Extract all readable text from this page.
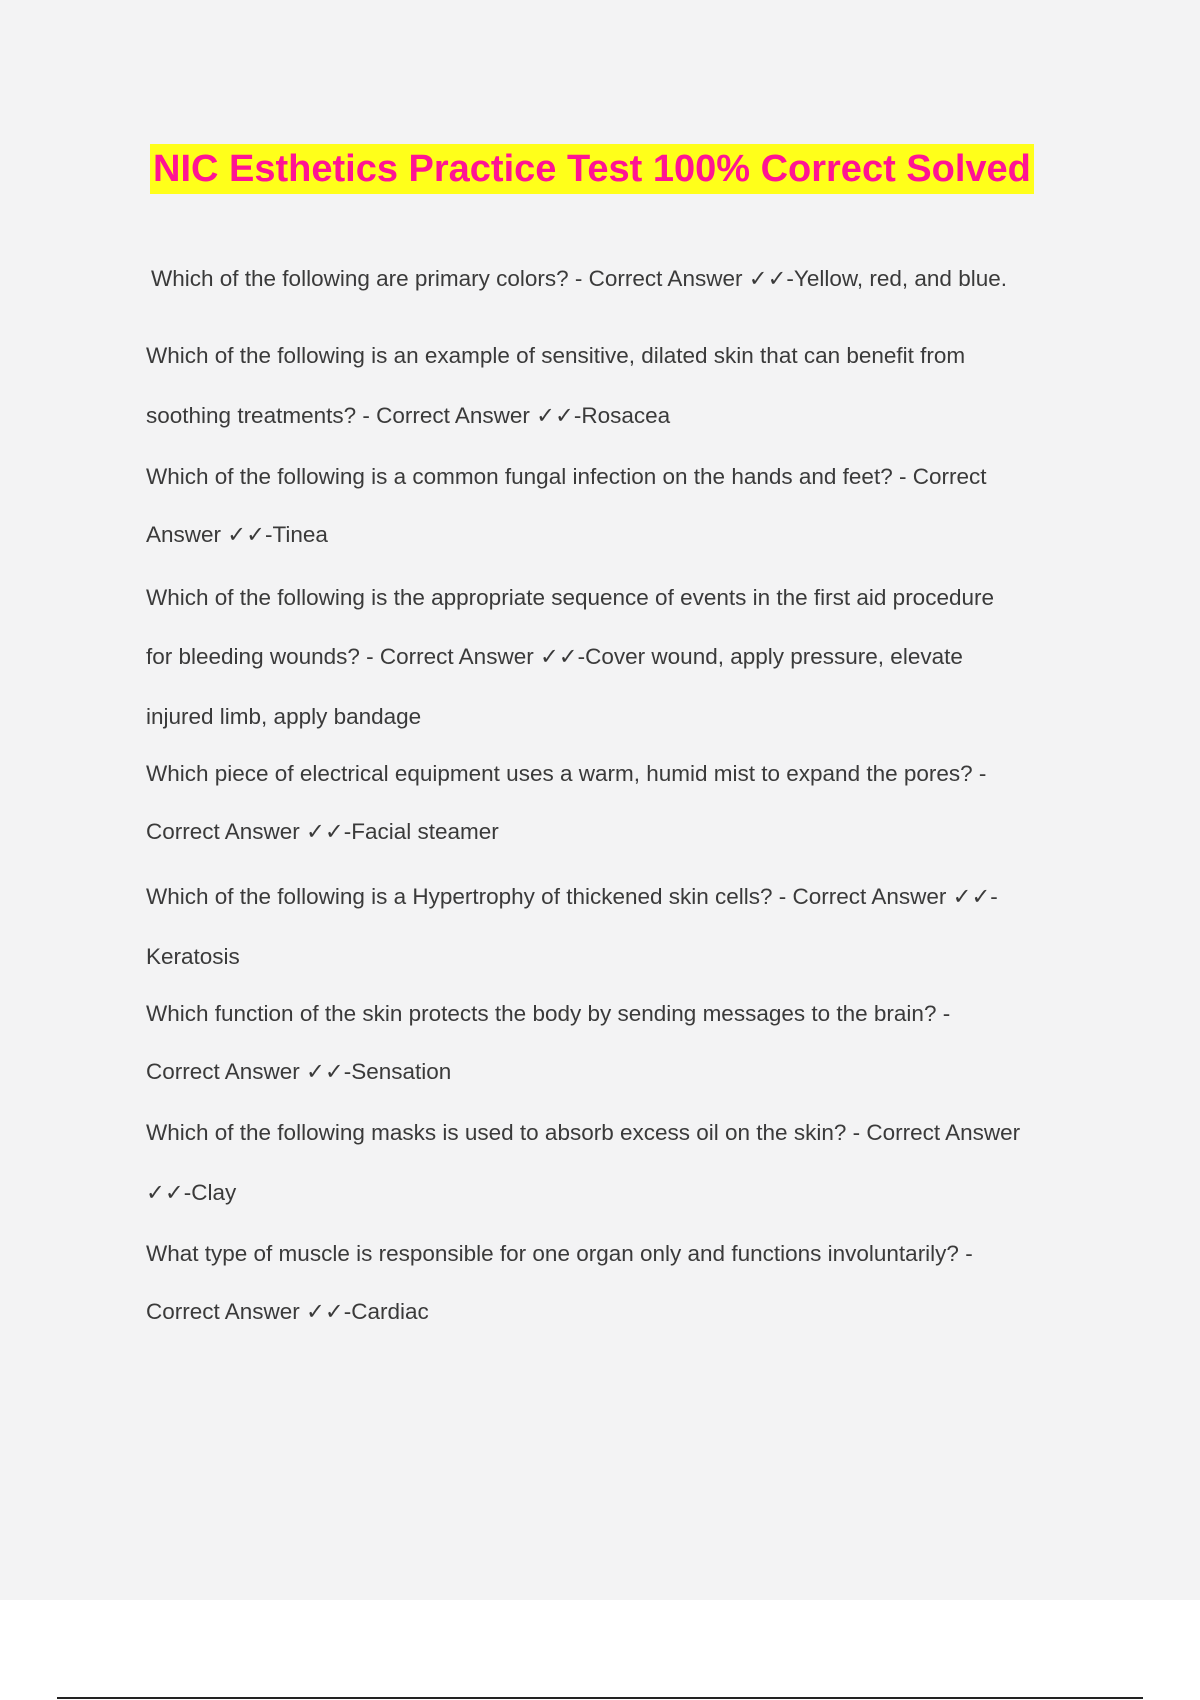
NIC Esthetics Practice Test 100% Correct Solved
Which of the following are primary colors? - Correct Answer ✓✓-Yellow, red, and blue.
Which of the following is an example of sensitive, dilated skin that can benefit from
soothing treatments? - Correct Answer ✓✓-Rosacea
Which of the following is a common fungal infection on the hands and feet? - Correct
Answer ✓✓-Tinea
Which of the following is the appropriate sequence of events in the first aid procedure
for bleeding wounds? - Correct Answer ✓✓-Cover wound, apply pressure, elevate
injured limb, apply bandage
Which piece of electrical equipment uses a warm, humid mist to expand the pores? -
Correct Answer ✓✓-Facial steamer
Which of the following is a Hypertrophy of thickened skin cells? - Correct Answer ✓✓-
Keratosis
Which function of the skin protects the body by sending messages to the brain? -
Correct Answer ✓✓-Sensation
Which of the following masks is used to absorb excess oil on the skin? - Correct Answer
✓✓-Clay
What type of muscle is responsible for one organ only and functions involuntarily? -
Correct Answer ✓✓-Cardiac
